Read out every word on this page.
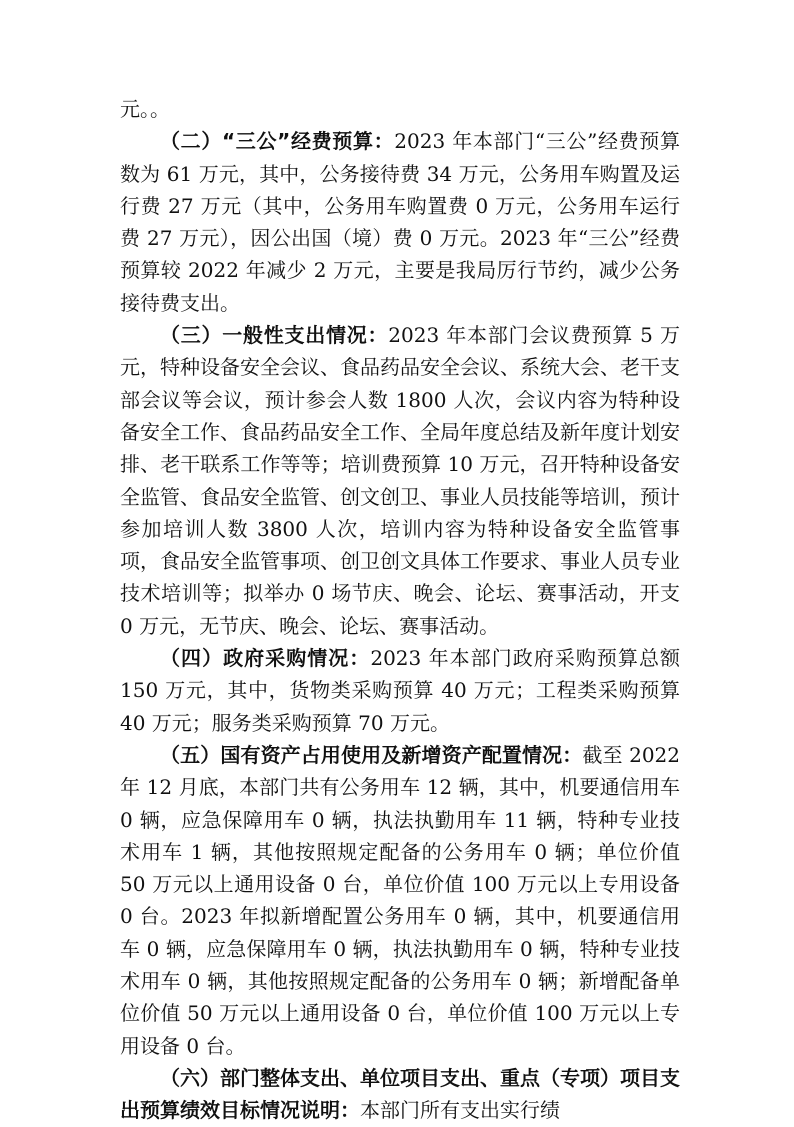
元。。

（二）“三公”经费预算：2023 年本部门“三公”经费预算数为 61 万元，其中，公务接待费 34 万元，公务用车购置及运行费 27 万元（其中，公务用车购置费 0 万元，公务用车运行费 27 万元），因公出国（境）费 0 万元。2023 年“三公”经费预算较 2022 年减少 2 万元，主要是我局厉行节约，减少公务接待费支出。

（三）一般性支出情况：2023 年本部门会议费预算 5 万元，特种设备安全会议、食品药品安全会议、系统大会、老干支部会议等会议，预计参会人数 1800 人次，会议内容为特种设备安全工作、食品药品安全工作、全局年度总结及新年度计划安排、老干联系工作等等；培训费预算 10 万元，召开特种设备安全监管、食品安全监管、创文创卫、事业人员技能等培训，预计参加培训人数 3800 人次，培训内容为特种设备安全监管事项，食品安全监管事项、创卫创文具体工作要求、事业人员专业技术培训等；拟举办 0 场节庆、晚会、论坛、赛事活动，开支 0 万元，无节庆、晚会、论坛、赛事活动。

（四）政府采购情况：2023 年本部门政府采购预算总额 150 万元，其中，货物类采购预算 40 万元；工程类采购预算 40 万元；服务类采购预算 70 万元。

（五）国有资产占用使用及新增资产配置情况：截至 2022 年 12 月底，本部门共有公务用车 12 辆，其中，机要通信用车 0 辆，应急保障用车 0 辆，执法执勤用车 11 辆，特种专业技术用车 1 辆，其他按照规定配备的公务用车 0 辆；单位价值 50 万元以上通用设备 0 台，单位价值 100 万元以上专用设备 0 台。2023 年拟新增配置公务用车 0 辆，其中，机要通信用车 0 辆，应急保障用车 0 辆，执法执勤用车 0 辆，特种专业技术用车 0 辆，其他按照规定配备的公务用车 0 辆；新增配备单位价值 50 万元以上通用设备 0 台，单位价值 100 万元以上专用设备 0 台。

（六）部门整体支出、单位项目支出、重点（专项）项目支出预算绩效目标情况说明：本部门所有支出实行绩
